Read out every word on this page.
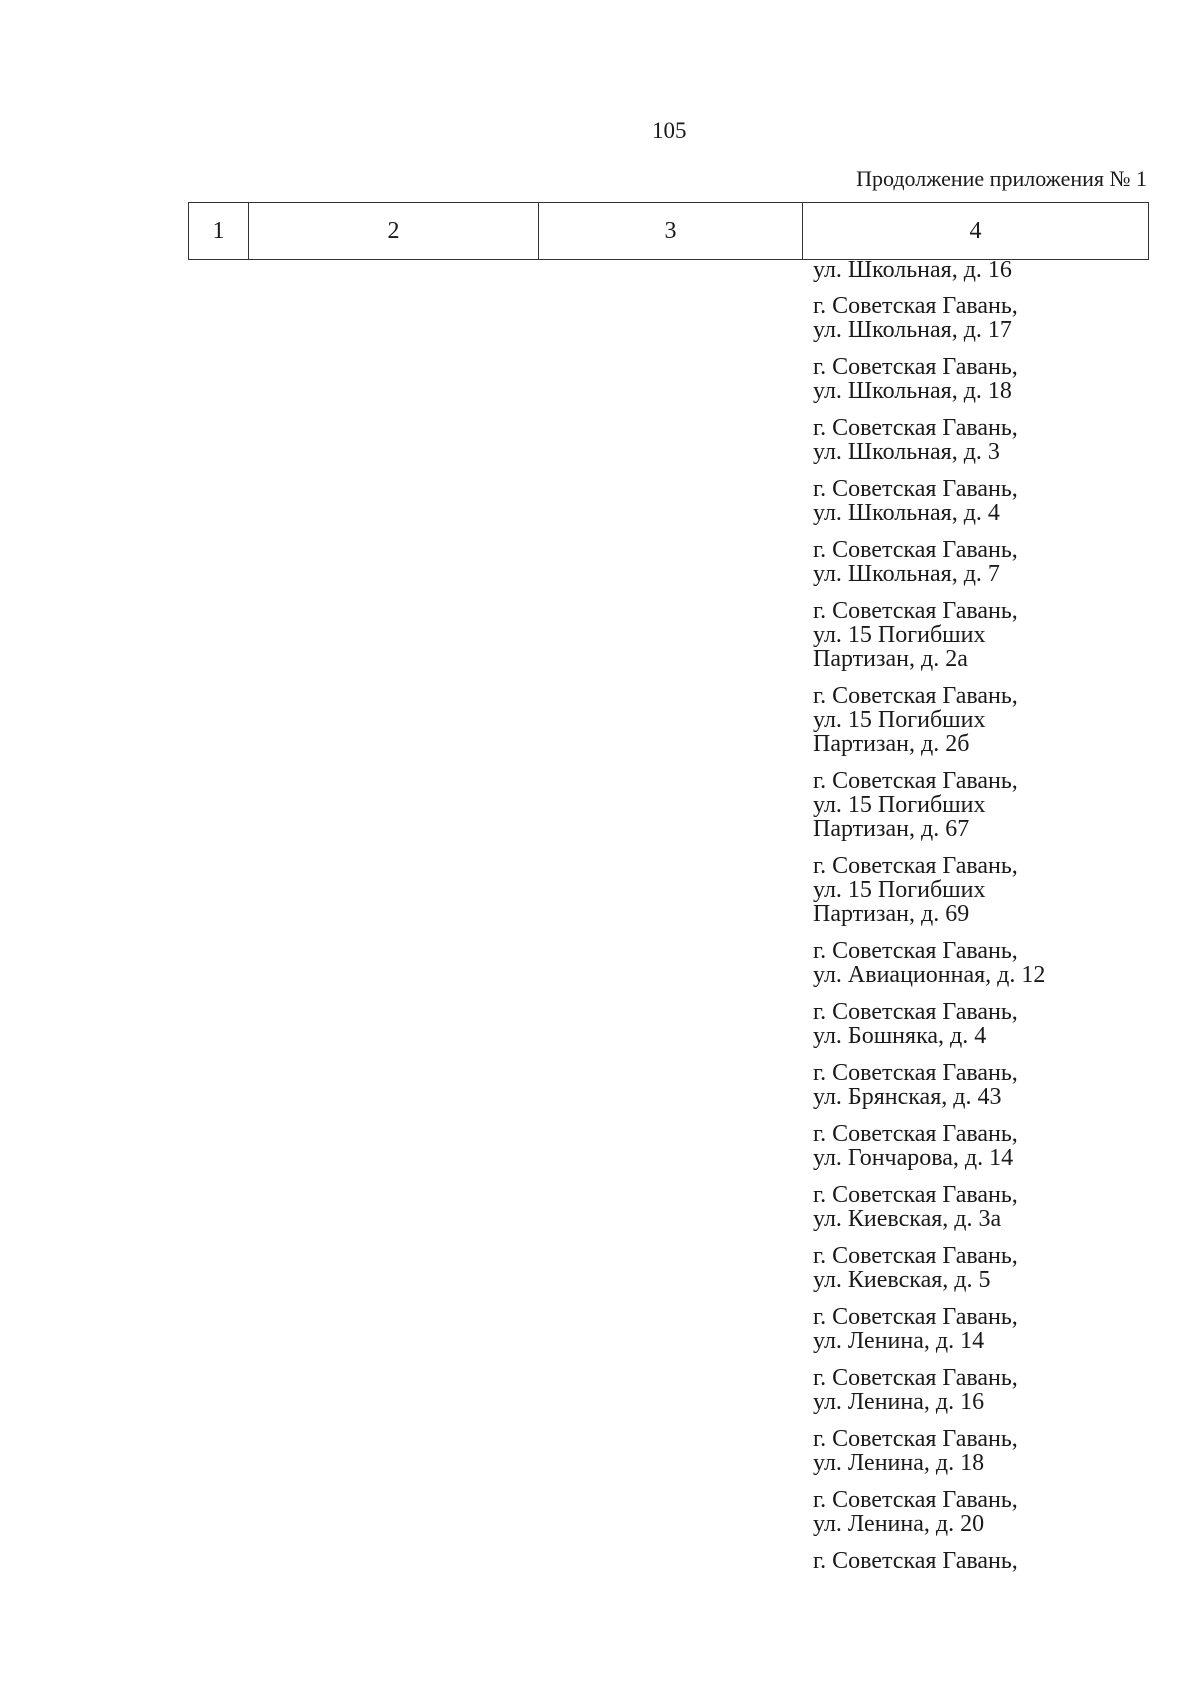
105
Продолжение приложения № 1
1	2	3	4
ул. Школьная, д. 16
г. Советская Гавань,
ул. Школьная, д. 17
г. Советская Гавань,
ул. Школьная, д. 18
г. Советская Гавань,
ул. Школьная, д. 3
г. Советская Гавань,
ул. Школьная, д. 4
г. Советская Гавань,
ул. Школьная, д. 7
г. Советская Гавань,
ул. 15 Погибших
Партизан, д. 2а
г. Советская Гавань,
ул. 15 Погибших
Партизан, д. 2б
г. Советская Гавань,
ул. 15 Погибших
Партизан, д. 67
г. Советская Гавань,
ул. 15 Погибших
Партизан, д. 69
г. Советская Гавань,
ул. Авиационная, д. 12
г. Советская Гавань,
ул. Бошняка, д. 4
г. Советская Гавань,
ул. Брянская, д. 43
г. Советская Гавань,
ул. Гончарова, д. 14
г. Советская Гавань,
ул. Киевская, д. 3а
г. Советская Гавань,
ул. Киевская, д. 5
г. Советская Гавань,
ул. Ленина, д. 14
г. Советская Гавань,
ул. Ленина, д. 16
г. Советская Гавань,
ул. Ленина, д. 18
г. Советская Гавань,
ул. Ленина, д. 20
г. Советская Гавань,
